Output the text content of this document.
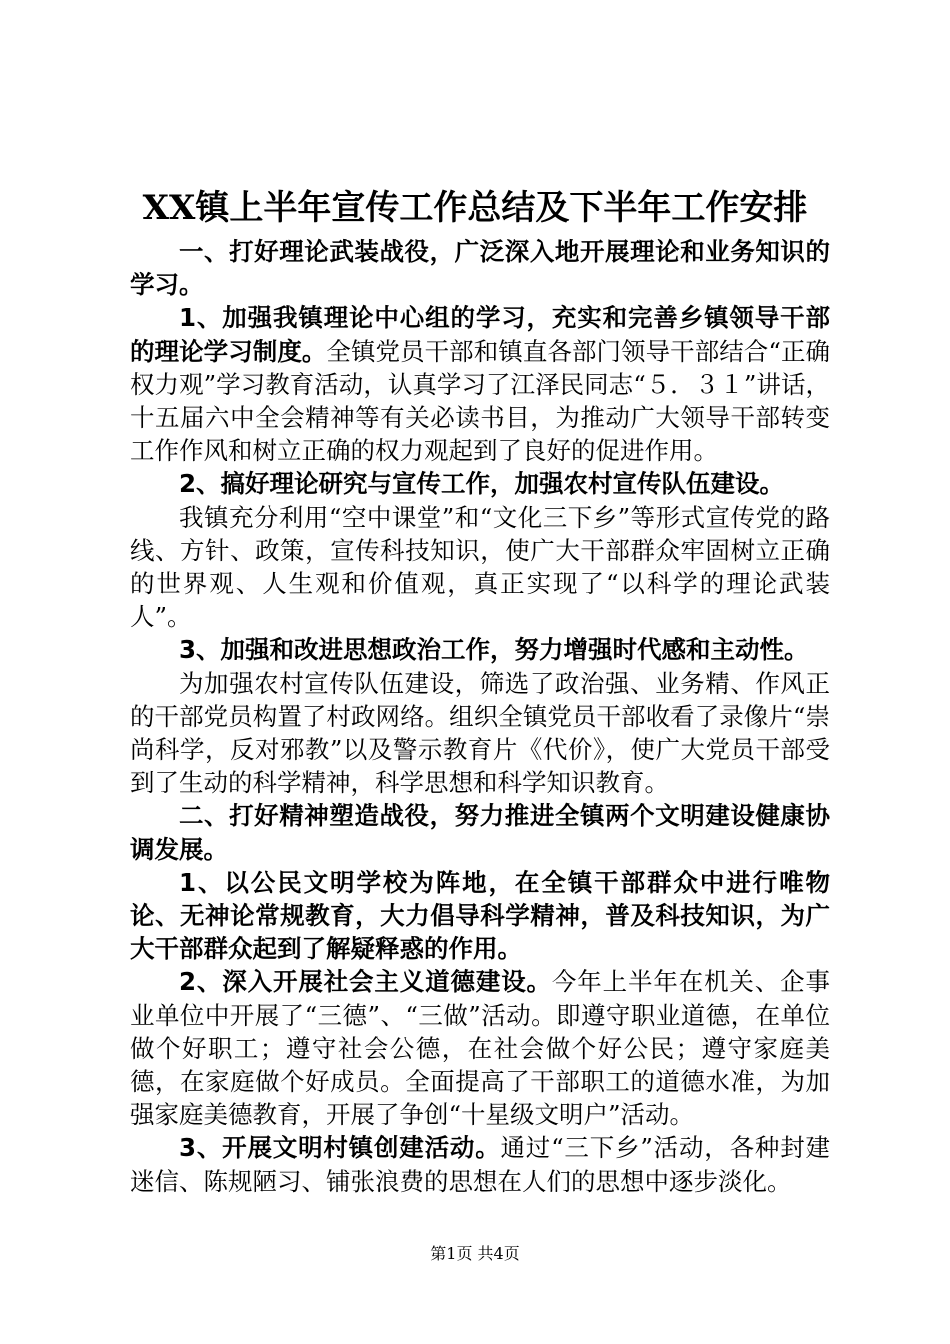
XX镇上半年宣传工作总结及下半年工作安排

一、打好理论武装战役，广泛深入地开展理论和业务知识的学习。

1、加强我镇理论中心组的学习，充实和完善乡镇领导干部的理论学习制度。全镇党员干部和镇直各部门领导干部结合“正确权力观”学习教育活动，认真学习了江泽民同志“５．３１”讲话，十五届六中全会精神等有关必读书目，为推动广大领导干部转变工作作风和树立正确的权力观起到了良好的促进作用。

2、搞好理论研究与宣传工作，加强农村宣传队伍建设。

我镇充分利用“空中课堂”和“文化三下乡”等形式宣传党的路线、方针、政策，宣传科技知识，使广大干部群众牢固树立正确的世界观、人生观和价值观，真正实现了“以科学的理论武装人”。

3、加强和改进思想政治工作，努力增强时代感和主动性。

为加强农村宣传队伍建设，筛选了政治强、业务精、作风正的干部党员构置了村政网络。组织全镇党员干部收看了录像片“崇尚科学，反对邪教”以及警示教育片《代价》，使广大党员干部受到了生动的科学精神，科学思想和科学知识教育。

二、打好精神塑造战役，努力推进全镇两个文明建设健康协调发展。

1、以公民文明学校为阵地，在全镇干部群众中进行唯物论、无神论常规教育，大力倡导科学精神，普及科技知识，为广大干部群众起到了解疑释惑的作用。

2、深入开展社会主义道德建设。今年上半年在机关、企事业单位中开展了“三德”、“三做”活动。即遵守职业道德，在单位做个好职工；遵守社会公德，在社会做个好公民；遵守家庭美德，在家庭做个好成员。全面提高了干部职工的道德水准，为加强家庭美德教育，开展了争创“十星级文明户”活动。

3、开展文明村镇创建活动。通过“三下乡”活动，各种封建迷信、陈规陋习、铺张浪费的思想在人们的思想中逐步淡化。

第1页 共4页
